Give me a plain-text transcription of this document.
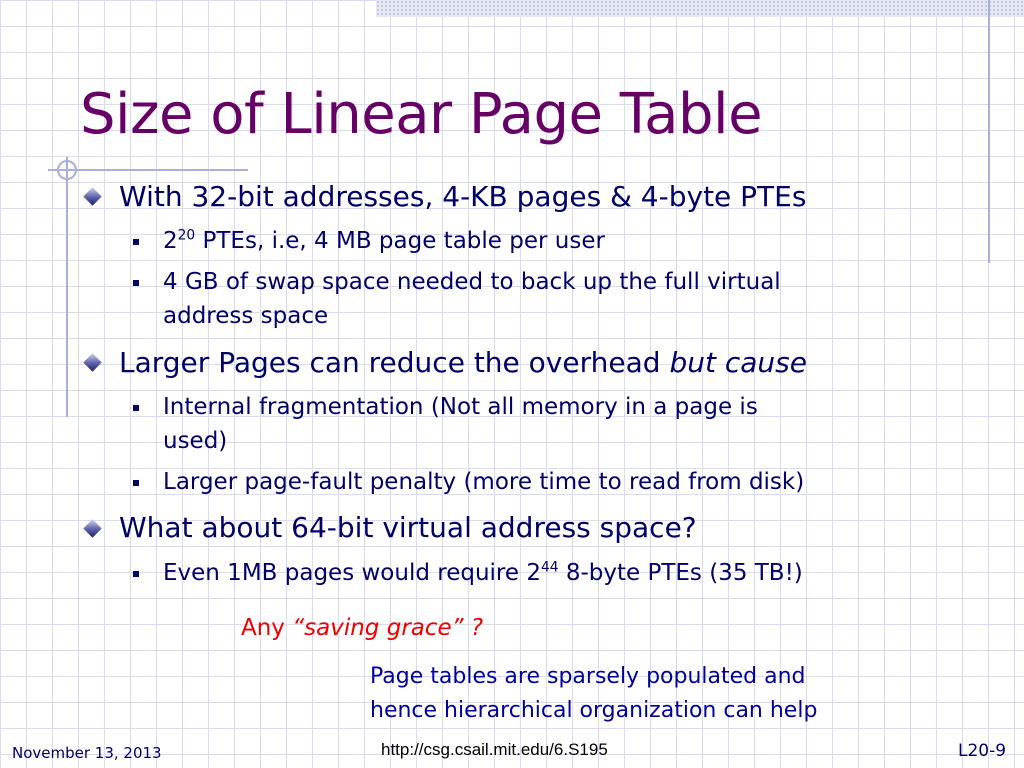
Size of Linear Page Table
With 32-bit addresses, 4-KB pages & 4-byte PTEs
$2^{20}$ PTEs, i.e, 4 MB page table per user
4 GB of swap space needed to back up the full virtual
address space
Larger Pages can reduce the overhead but cause
Internal fragmentation (Not all memory in a page is
used)
Larger page-fault penalty (more time to read from disk)
What about 64-bit virtual address space?
Even 1MB pages would require $2^{44}$ 8-byte PTEs (35 TB!)
Any “saving grace” ?
Page tables are sparsely populated and
hence hierarchical organization can help
November 13, 2013	http://csg.csail.mit.edu/6.S195	L20-9
